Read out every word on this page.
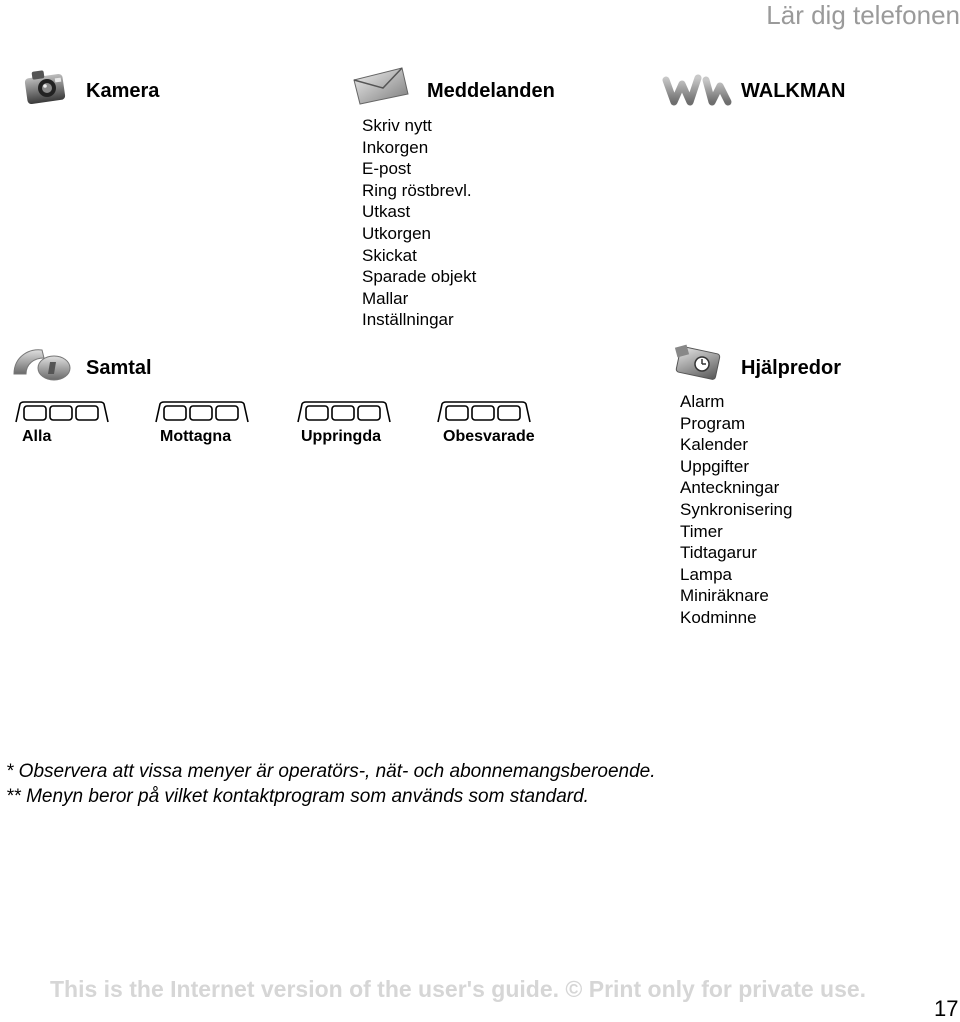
Lär dig telefonen
Kamera	Meddelanden
Skriv nytt
Inkorgen
E-post
Ring röstbrevl.
Utkast
Utkorgen
Skickat
Sparade objekt
Mallar
Inställningar
WALKMAN
Samtal
Alla	Mottagna	Uppringda	Obesvarade
Hjälpredor
Alarm
Program
Kalender
Uppgifter
Anteckningar
Synkronisering
Timer
Tidtagarur
Lampa
Miniräknare
Kodminne
* Observera att vissa menyer är operatörs-, nät- och abonnemangsberoende.
** Menyn beror på vilket kontaktprogram som används som standard.
This is the Internet version of the user's guide. © Print only for private use.
17
